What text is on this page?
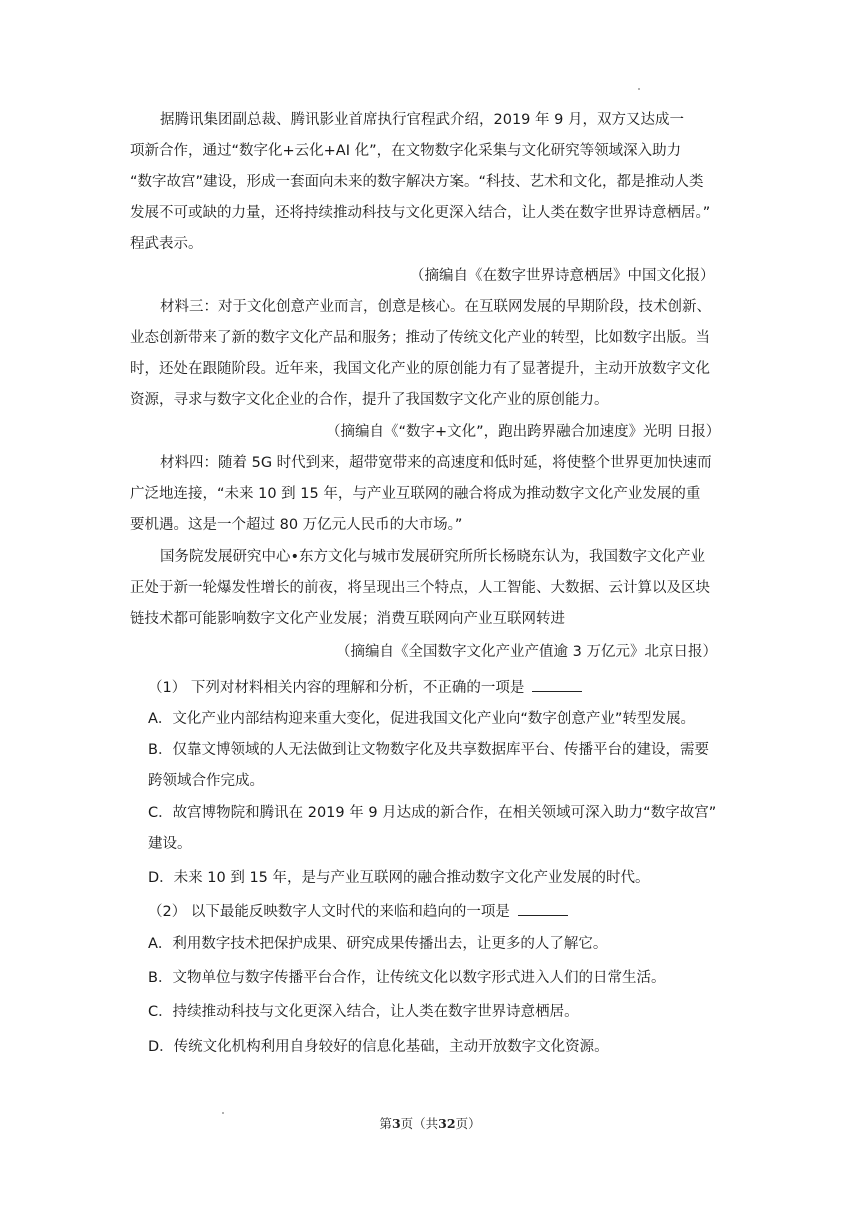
据腾讯集团副总裁、腾讯影业首席执行官程武介绍，2019 年 9 月，双方又达成一
项新合作，通过“数字化+云化+AI 化”，在文物数字化采集与文化研究等领域深入助力
“数字故宫”建设，形成一套面向未来的数字解决方案。“科技、艺术和文化，都是推动人类
发展不可或缺的力量，还将持续推动科技与文化更深入结合，让人类在数字世界诗意栖居。”
程武表示。
（摘编自《在数字世界诗意栖居》中国文化报）
材料三：对于文化创意产业而言，创意是核心。在互联网发展的早期阶段，技术创新、
业态创新带来了新的数字文化产品和服务；推动了传统文化产业的转型，比如数字出版。当
时，还处在跟随阶段。近年来，我国文化产业的原创能力有了显著提升，主动开放数字文化
资源，寻求与数字文化企业的合作，提升了我国数字文化产业的原创能力。
（摘编自《“数字+文化”，跑出跨界融合加速度》光明 日报）
材料四：随着 5G 时代到来，超带宽带来的高速度和低时延，将使整个世界更加快速而
广泛地连接，“未来 10 到 15 年，与产业互联网的融合将成为推动数字文化产业发展的重
要机遇。这是一个超过 80 万亿元人民币的大市场。”
国务院发展研究中心•东方文化与城市发展研究所所长杨晓东认为，我国数字文化产业
正处于新一轮爆发性增长的前夜，将呈现出三个特点，人工智能、大数据、云计算以及区块
链技术都可能影响数字文化产业发展；消费互联网向产业互联网转进
（摘编自《全国数字文化产业产值逾 3 万亿元》北京日报）
（1） 下列对材料相关内容的理解和分析，不正确的一项是
A．文化产业内部结构迎来重大变化，促进我国文化产业向“数字创意产业”转型发展。
B．仅靠文博领域的人无法做到让文物数字化及共享数据库平台、传播平台的建设，需要
跨领域合作完成。
C．故宫博物院和腾讯在 2019 年 9 月达成的新合作，在相关领域可深入助力“数字故宫”
建设。
D．未来 10 到 15 年，是与产业互联网的融合推动数字文化产业发展的时代。
（2） 以下最能反映数字人文时代的来临和趋向的一项是
A．利用数字技术把保护成果、研究成果传播出去，让更多的人了解它。
B．文物单位与数字传播平台合作，让传统文化以数字形式进入人们的日常生活。
C．持续推动科技与文化更深入结合，让人类在数字世界诗意栖居。
D．传统文化机构利用自身较好的信息化基础，主动开放数字文化资源。
第3页（共32页）
